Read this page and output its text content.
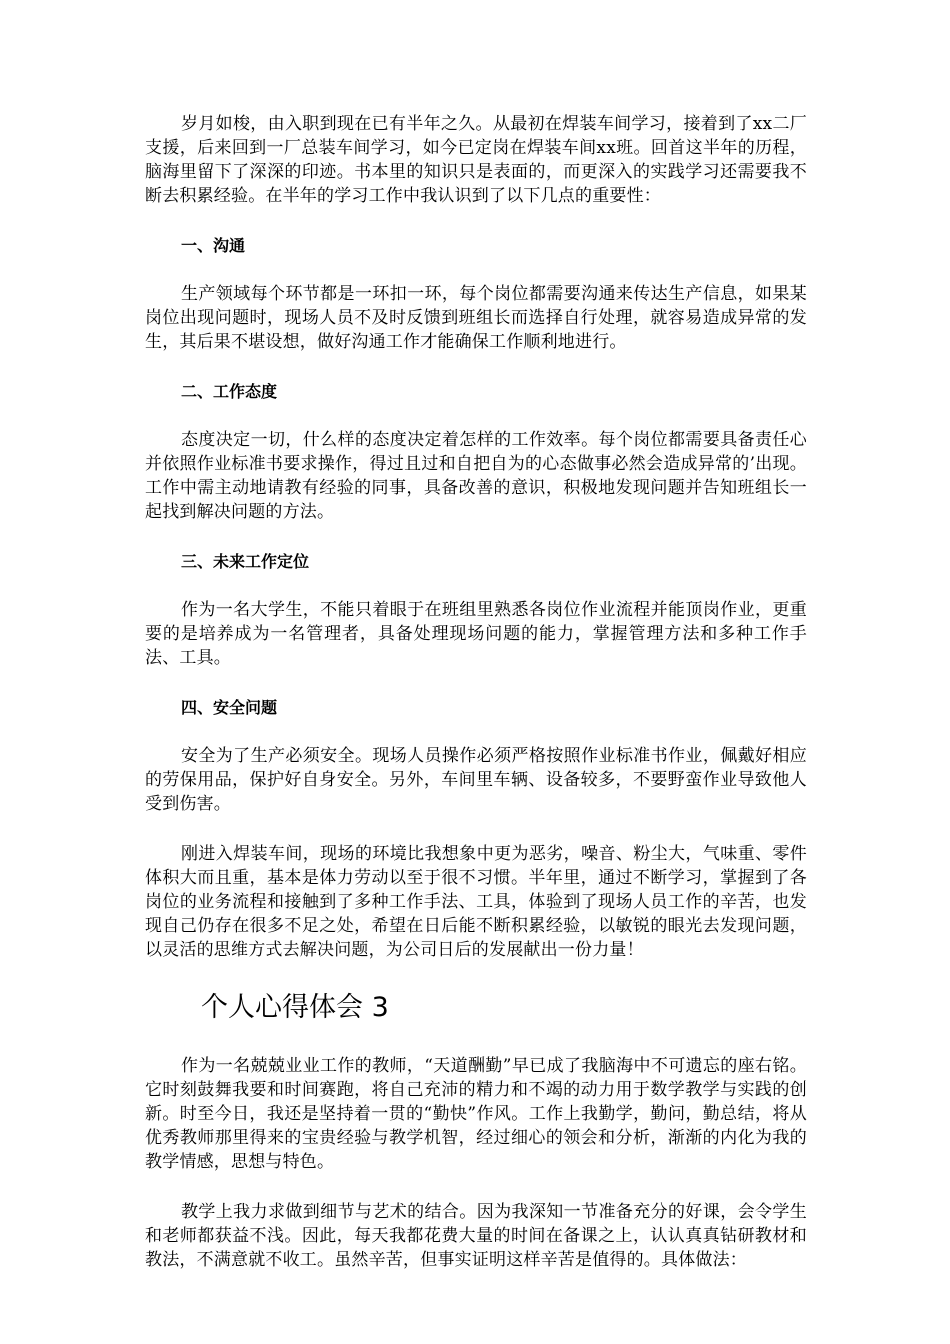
岁月如梭，由入职到现在已有半年之久。从最初在焊装车间学习，接着到了xx二厂支援，后来回到一厂总装车间学习，如今已定岗在焊装车间xx班。回首这半年的历程，脑海里留下了深深的印迹。书本里的知识只是表面的，而更深入的实践学习还需要我不断去积累经验。在半年的学习工作中我认识到了以下几点的重要性：

一、沟通

生产领域每个环节都是一环扣一环，每个岗位都需要沟通来传达生产信息，如果某岗位出现问题时，现场人员不及时反馈到班组长而选择自行处理，就容易造成异常的发生，其后果不堪设想，做好沟通工作才能确保工作顺利地进行。

二、工作态度

态度决定一切，什么样的态度决定着怎样的工作效率。每个岗位都需要具备责任心并依照作业标准书要求操作，得过且过和自把自为的心态做事必然会造成异常的’出现。工作中需主动地请教有经验的同事，具备改善的意识，积极地发现问题并告知班组长一起找到解决问题的方法。

三、未来工作定位

作为一名大学生，不能只着眼于在班组里熟悉各岗位作业流程并能顶岗作业，更重要的是培养成为一名管理者，具备处理现场问题的能力，掌握管理方法和多种工作手法、工具。

四、安全问题

安全为了生产必须安全。现场人员操作必须严格按照作业标准书作业，佩戴好相应的劳保用品，保护好自身安全。另外，车间里车辆、设备较多，不要野蛮作业导致他人受到伤害。

刚进入焊装车间，现场的环境比我想象中更为恶劣，噪音、粉尘大，气味重、零件体积大而且重，基本是体力劳动以至于很不习惯。半年里，通过不断学习，掌握到了各岗位的业务流程和接触到了多种工作手法、工具，体验到了现场人员工作的辛苦，也发现自己仍存在很多不足之处，希望在日后能不断积累经验，以敏锐的眼光去发现问题，以灵活的思维方式去解决问题，为公司日后的发展献出一份力量！

个人心得体会 3

作为一名兢兢业业工作的教师，“天道酬勤”早已成了我脑海中不可遗忘的座右铭。它时刻鼓舞我要和时间赛跑，将自己充沛的精力和不竭的动力用于数学教学与实践的创新。时至今日，我还是坚持着一贯的“勤快”作风。工作上我勤学，勤问，勤总结，将从优秀教师那里得来的宝贵经验与教学机智，经过细心的领会和分析，渐渐的内化为我的教学情感，思想与特色。

教学上我力求做到细节与艺术的结合。因为我深知一节准备充分的好课，会令学生和老师都获益不浅。因此，每天我都花费大量的时间在备课之上，认认真真钻研教材和教法，不满意就不收工。虽然辛苦，但事实证明这样辛苦是值得的。具体做法：
